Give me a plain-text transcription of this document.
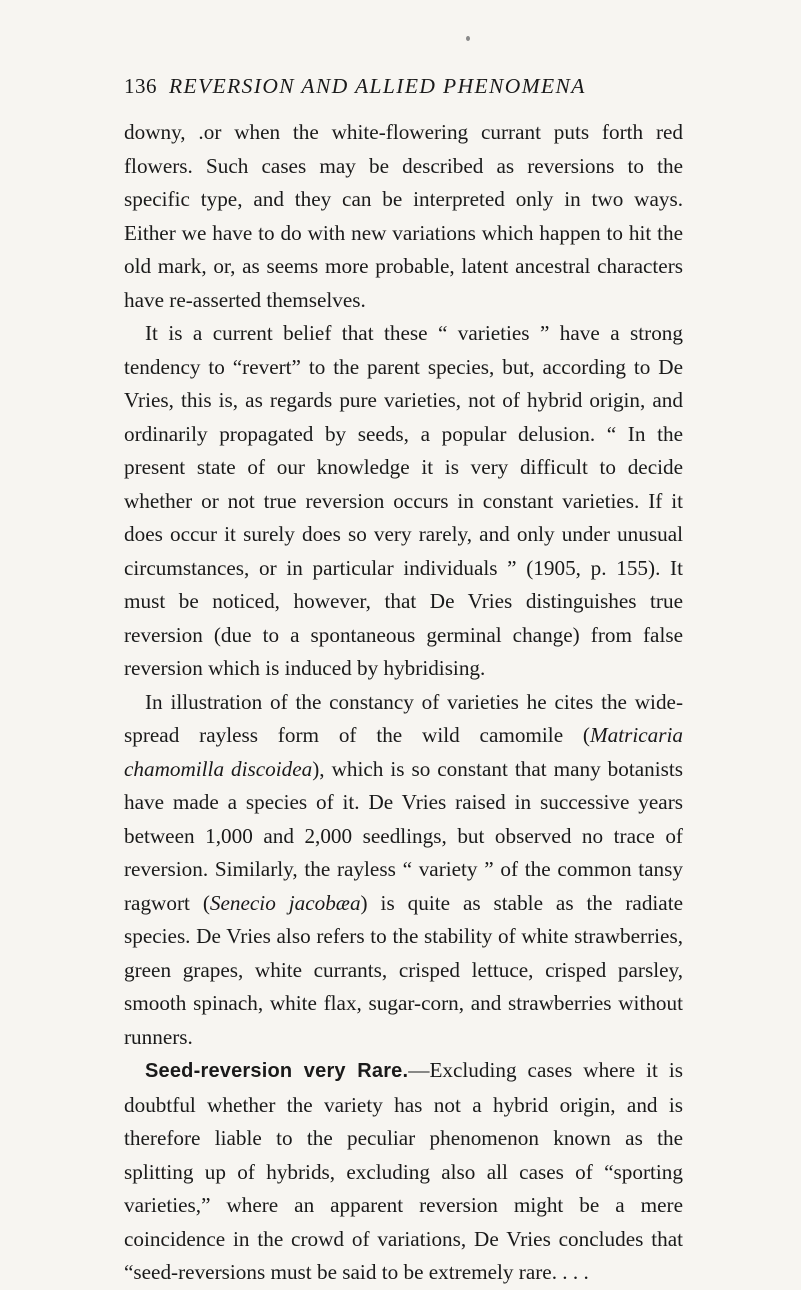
136 REVERSION AND ALLIED PHENOMENA

downy, .or when the white-flowering currant puts forth red flowers. Such cases may be described as reversions to the specific type, and they can be interpreted only in two ways. Either we have to do with new variations which happen to hit the old mark, or, as seems more probable, latent ancestral characters have re-asserted themselves.

It is a current belief that these “ varieties ” have a strong tendency to “revert” to the parent species, but, according to De Vries, this is, as regards pure varieties, not of hybrid origin, and ordinarily propagated by seeds, a popular delusion. “ In the present state of our knowledge it is very difficult to decide whether or not true reversion occurs in constant varieties. If it does occur it surely does so very rarely, and only under unusual circumstances, or in particular individuals ” (1905, p. 155). It must be noticed, however, that De Vries distinguishes true reversion (due to a spontaneous germinal change) from false reversion which is induced by hybridising.

In illustration of the constancy of varieties he cites the wide-spread rayless form of the wild camomile (Matricaria chamomilla discoidea), which is so constant that many botanists have made a species of it. De Vries raised in successive years between 1,000 and 2,000 seedlings, but observed no trace of reversion. Similarly, the rayless “ variety ” of the common tansy ragwort (Senecio jacobæa) is quite as stable as the radiate species. De Vries also refers to the stability of white strawberries, green grapes, white currants, crisped lettuce, crisped parsley, smooth spinach, white flax, sugar-corn, and strawberries without runners.

Seed-reversion very Rare.—Excluding cases where it is doubtful whether the variety has not a hybrid origin, and is therefore liable to the peculiar phenomenon known as the splitting up of hybrids, excluding also all cases of “sporting varieties,” where an apparent reversion might be a mere coincidence in the crowd of variations, De Vries concludes that “seed-reversions must be said to be extremely rare. . . .
